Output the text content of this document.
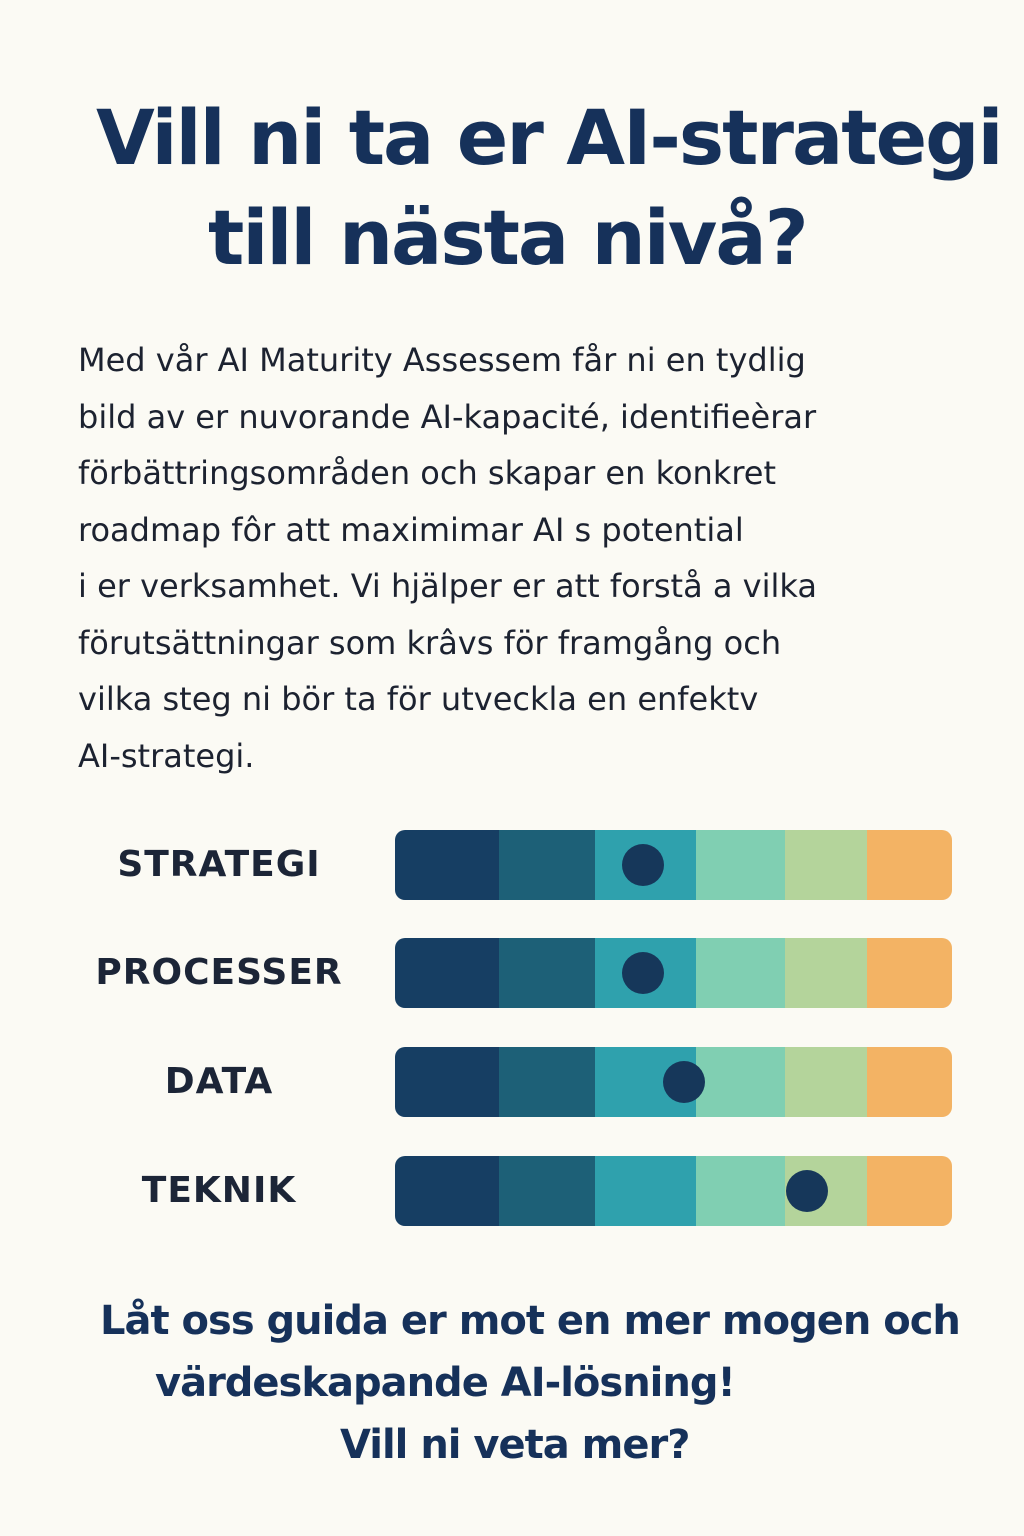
Vill ni ta er AI-strategi
till nästa nivå?
Med vår AI Maturity Assessem får ni en tydlig
bild av er nuvorande AI-kapacité, identifieèrar
förbättringsområden och skapar en konkret
roadmap fôr att maximimar AI s potential
i er verksamhet. Vi hjälper er att forstå a vilka
förutsättningar som krâvs för framgång och
vilka steg ni bör ta för utveckla en enfektv
AI-strategi.
STRATEGI
PROCESSER
DATA
TEKNIK
Låt oss guida er mot en mer mogen och
värdeskapande AI-lösning!
Vill ni veta mer?
